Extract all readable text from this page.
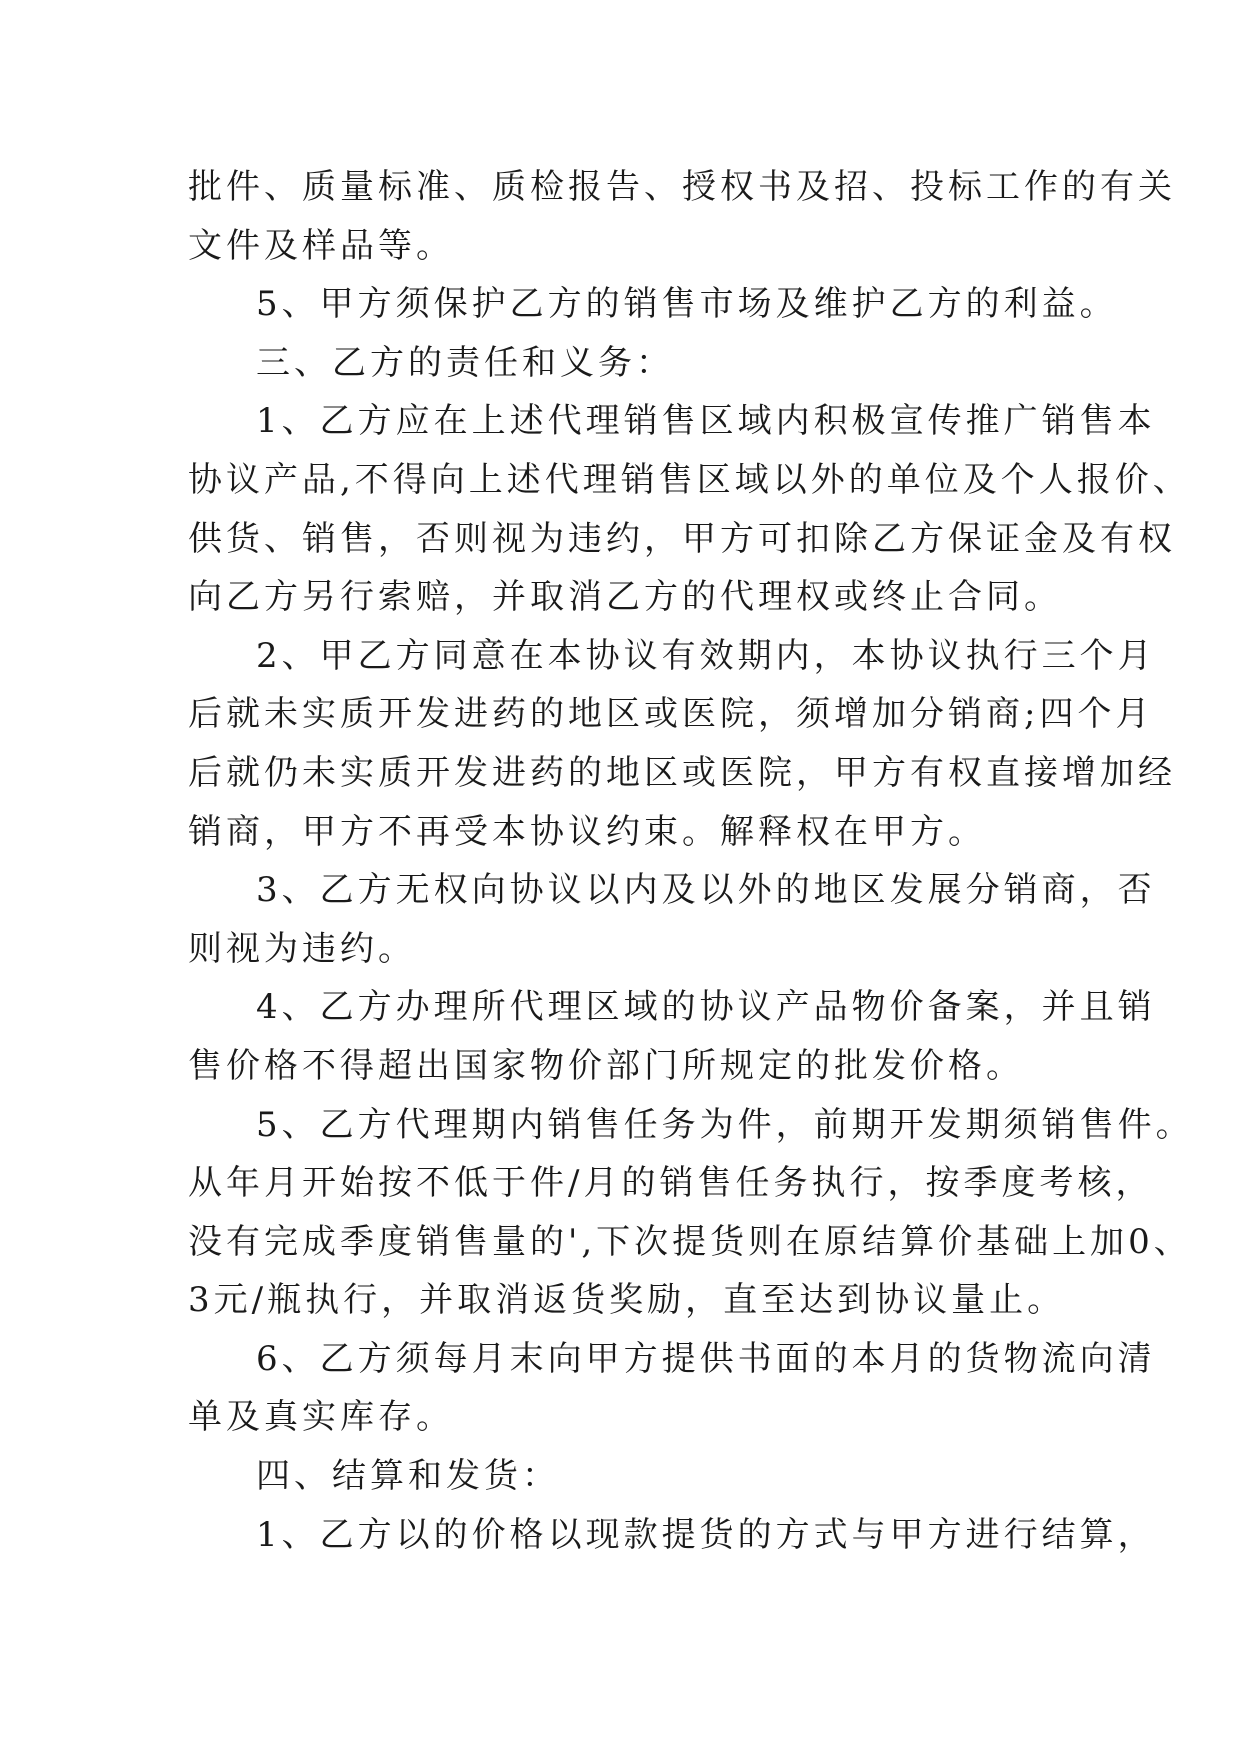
批件、质量标准、质检报告、授权书及招、投标工作的有关
文件及样品等。
5、甲方须保护乙方的销售市场及维护乙方的利益。
三、乙方的责任和义务：
1、乙方应在上述代理销售区域内积极宣传推广销售本
协议产品,不得向上述代理销售区域以外的单位及个人报价、
供货、销售，否则视为违约，甲方可扣除乙方保证金及有权
向乙方另行索赔，并取消乙方的代理权或终止合同。
2、甲乙方同意在本协议有效期内，本协议执行三个月
后就未实质开发进药的地区或医院，须增加分销商;四个月
后就仍未实质开发进药的地区或医院，甲方有权直接增加经
销商，甲方不再受本协议约束。解释权在甲方。
3、乙方无权向协议以内及以外的地区发展分销商，否
则视为违约。
4、乙方办理所代理区域的协议产品物价备案，并且销
售价格不得超出国家物价部门所规定的批发价格。
5、乙方代理期内销售任务为件，前期开发期须销售件。
从年月开始按不低于件/月的销售任务执行，按季度考核，
没有完成季度销售量的',下次提货则在原结算价基础上加0、
3元/瓶执行，并取消返货奖励，直至达到协议量止。
6、乙方须每月末向甲方提供书面的本月的货物流向清
单及真实库存。
四、结算和发货：
1、乙方以的价格以现款提货的方式与甲方进行结算，
